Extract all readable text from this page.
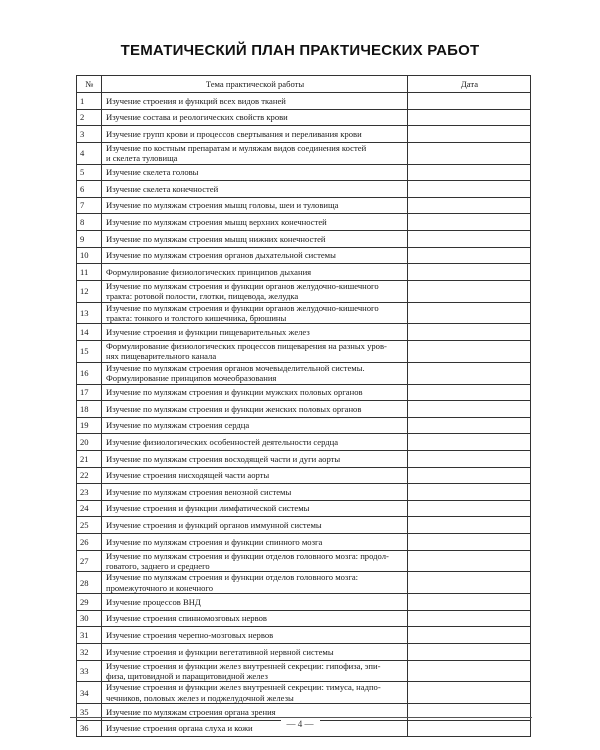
ТЕМАТИЧЕСКИЙ ПЛАН ПРАКТИЧЕСКИХ РАБОТ
№	Тема практической работы	Дата
1	Изучение строения и функций всех видов тканей	

2	Изучение состава и реологических свойств крови	

3	Изучение групп крови и процессов свертывания и переливания крови	

4	Изучение по костным препаратам и муляжам видов соединения костей
и скелета туловища	

5	Изучение скелета головы	

6	Изучение скелета конечностей	

7	Изучение по муляжам строения мышц головы, шеи и туловища	

8	Изучение по муляжам строения мышц верхних конечностей	

9	Изучение по муляжам строения мышц нижних конечностей	

10	Изучение по муляжам строения органов дыхательной системы	

11	Формулирование физиологических принципов дыхания	

12	Изучение по муляжам строения и функции органов желудочно-кишечного
тракта: ротовой полости, глотки, пищевода, желудка	

13	Изучение по муляжам строения и функции органов желудочно-кишечного
тракта: тонкого и толстого кишечника, брюшины	

14	Изучение строения и функции пищеварительных желез	

15	Формулирование физиологических процессов пищеварения на разных уров-
нях пищеварительного канала	

16	Изучение по муляжам строения органов мочевыделительной системы.
Формулирование принципов мочеобразования	

17	Изучение по муляжам строения и функции мужских половых органов	

18	Изучение по муляжам строения и функции женских половых органов	

19	Изучение по муляжам строения сердца	

20	Изучение физиологических особенностей деятельности сердца	

21	Изучение по муляжам строения восходящей части и дуги аорты	

22	Изучение строения нисходящей части аорты	

23	Изучение по муляжам строения венозной системы	

24	Изучение строения и функции лимфатической системы	

25	Изучение строения и функций органов иммунной системы	

26	Изучение по муляжам строения и функции спинного мозга	

27	Изучение по муляжам строения и функции отделов головного мозга: продол-
говатого, заднего и среднего	

28	Изучение по муляжам строения и функции отделов головного мозга:
промежуточного и конечного	

29	Изучение процессов ВНД	

30	Изучение строения спинномозговых нервов	

31	Изучение строения черепно-мозговых нервов	

32	Изучение строения и функции вегетативной нервной системы	

33	Изучение строения и функции желез внутренней секреции: гипофиза, эпи-
физа, щитовидной и паращитовидной желез	

34	Изучение строения и функции желез внутренней секреции: тимуса, надпо-
чечников, половых желез и поджелудочной железы	

35	Изучение по муляжам строения органа зрения	

36	Изучение строения органа слуха и кожи	
		— 4 —
